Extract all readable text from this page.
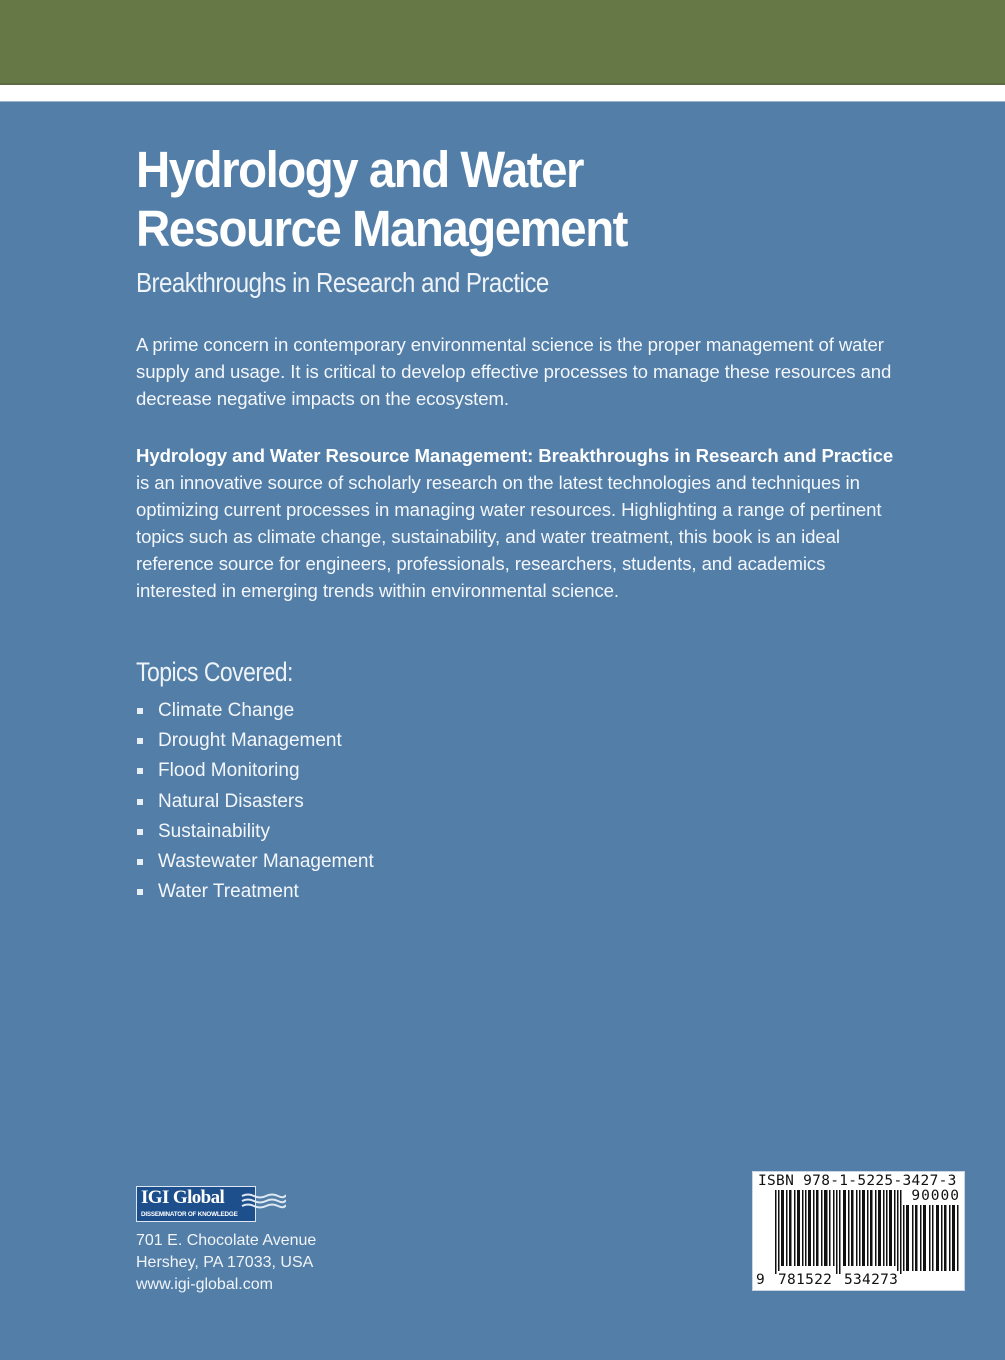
Hydrology and Water
Resource Management
Breakthroughs in Research and Practice

A prime concern in contemporary environmental science is the proper management of water supply and usage. It is critical to develop effective processes to manage these resources and decrease negative impacts on the ecosystem.

Hydrology and Water Resource Management: Breakthroughs in Research and Practice is an innovative source of scholarly research on the latest technologies and techniques in optimizing current processes in managing water resources. Highlighting a range of pertinent topics such as climate change, sustainability, and water treatment, this book is an ideal reference source for engineers, professionals, researchers, students, and academics interested in emerging trends within environmental science.

Topics Covered:
Climate Change
Drought Management
Flood Monitoring
Natural Disasters
Sustainability
Wastewater Management
Water Treatment
IGI Global
DISSEMINATOR OF KNOWLEDGE

701 E. Chocolate Avenue
Hershey, PA 17033, USA
www.igi-global.com

ISBN 978-1-5225-3427-3
90000
9 781522 534273
